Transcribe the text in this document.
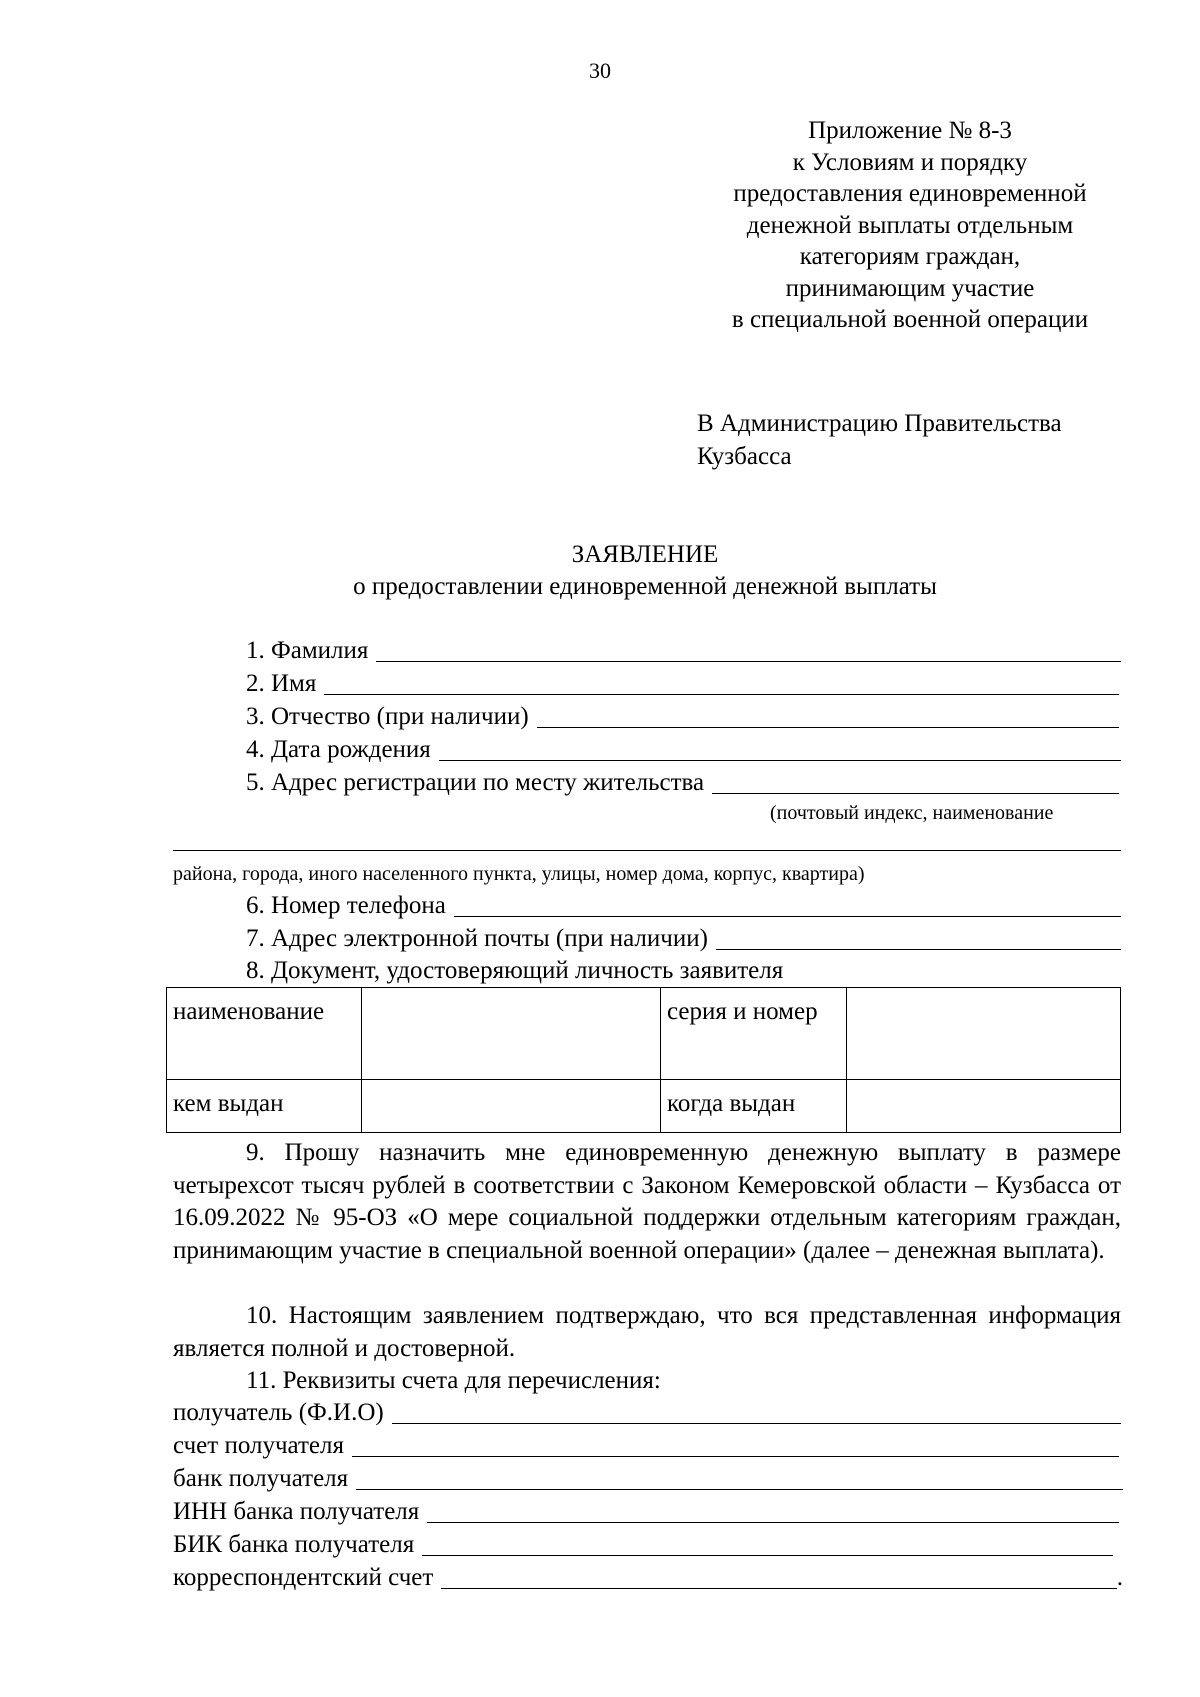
30
Приложение № 8-3
к Условиям и порядку
предоставления единовременной
денежной выплаты отдельным
категориям граждан,
принимающим участие
в специальной военной операции
В Администрацию Правительства
Кузбасса
ЗАЯВЛЕНИЕ
о предоставлении единовременной денежной выплаты
1. Фамилия
2. Имя
3. Отчество (при наличии)
4. Дата рождения
5. Адрес регистрации по месту жительства
(почтовый индекс, наименование
района, города, иного населенного пункта, улицы, номер дома, корпус, квартира)
6. Номер телефона
7. Адрес электронной почты (при наличии)
8. Документ, удостоверяющий личность заявителя
наименование		серия и номер	
кем выдан		когда выдан	
9. Прошу назначить мне единовременную денежную выплату в размере четырехсот тысяч рублей в соответствии с Законом Кемеровской области – Кузбасса от 16.09.2022 № 95-ОЗ «О мере социальной поддержки отдельным категориям граждан, принимающим участие в специальной военной операции» (далее – денежная выплата).
10. Настоящим заявлением подтверждаю, что вся представленная информация является полной и достоверной.
11. Реквизиты счета для перечисления:
получатель (Ф.И.О)
счет получателя
банк получателя
ИНН банка получателя
БИК банка получателя
корреспондентский счет	.
